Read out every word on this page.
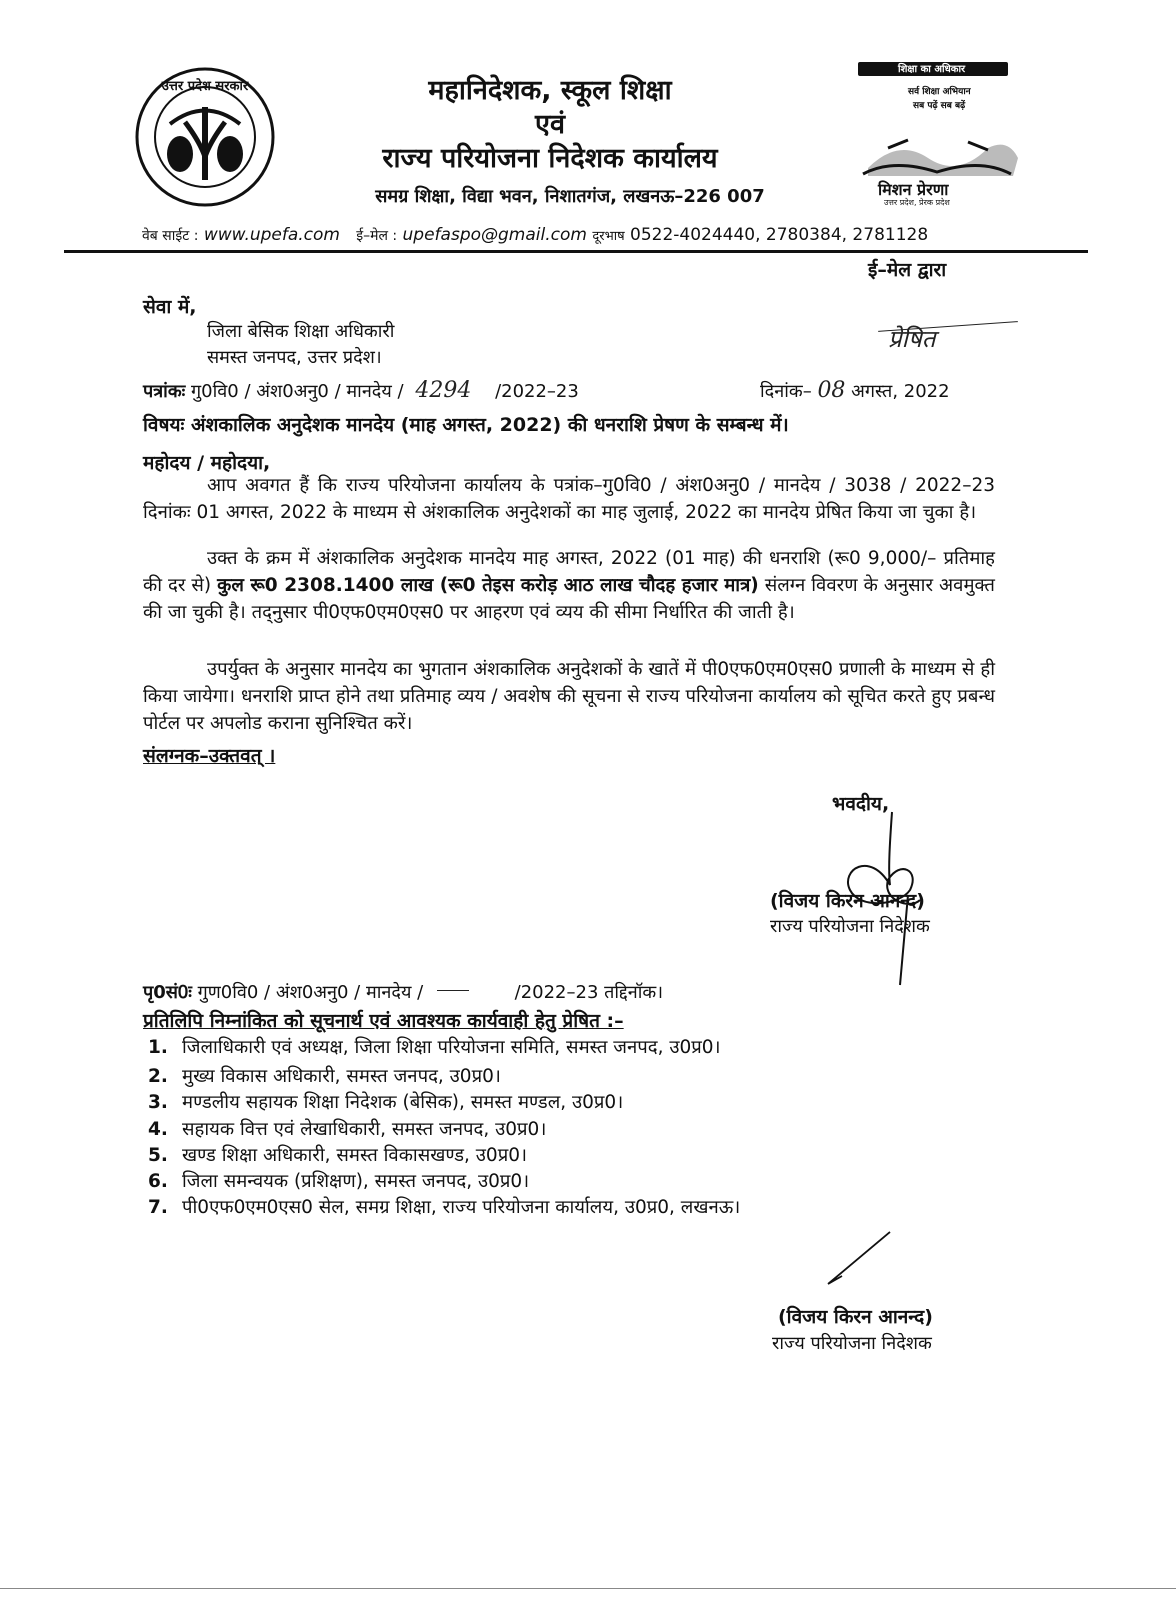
उत्तर प्रदेश सरकार	महानिदेशक, स्कूल शिक्षा
एवं
राज्य परियोजना निदेशक कार्यालय
समग्र शिक्षा, विद्या भवन, निशातगंज, लखनऊ–226 007
शिक्षा का अधिकार
सर्व शिक्षा अभियान
सब पढ़ें सब बढ़ें
मिशन प्रेरणा
उत्तर प्रदेश, प्रेरक प्रदेश
वेब साईट : www.upefa.com ई–मेल : upefaspo@gmail.com दूरभाष 0522-4024440, 2780384, 2781128
ई–मेल द्वारा
सेवा में,
जिला बेसिक शिक्षा अधिकारी
समस्त जनपद, उत्तर प्रदेश।
प्रेषित
पत्रांकः गु0वि0 / अंश0अनु0 / मानदेय / 4294 /2022–23	दिनांक– 08 अगस्त, 2022
विषयः अंशकालिक अनुदेशक मानदेय (माह अगस्त, 2022) की धनराशि प्रेषण के सम्बन्ध में।
महोदय / महोदया,
आप अवगत हैं कि राज्य परियोजना कार्यालय के पत्रांक–गु0वि0 / अंश0अनु0 / मानदेय / 3038 / 2022–23 दिनांकः 01 अगस्त, 2022 के माध्यम से अंशकालिक अनुदेशकों का माह जुलाई, 2022 का मानदेय प्रेषित किया जा चुका है।
उक्त के क्रम में अंशकालिक अनुदेशक मानदेय माह अगस्त, 2022 (01 माह) की धनराशि (रू0 9,000/– प्रतिमाह की दर से) कुल रू0 2308.1400 लाख (रू0 तेइस करोड़ आठ लाख चौदह हजार मात्र) संलग्न विवरण के अनुसार अवमुक्त की जा चुकी है। तद्नुसार पी0एफ0एम0एस0 पर आहरण एवं व्यय की सीमा निर्धारित की जाती है।
उपर्युक्त के अनुसार मानदेय का भुगतान अंशकालिक अनुदेशकों के खातें में पी0एफ0एम0एस0 प्रणाली के माध्यम से ही किया जायेगा। धनराशि प्राप्त होने तथा प्रतिमाह व्यय / अवशेष की सूचना से राज्य परियोजना कार्यालय को सूचित करते हुए प्रबन्ध पोर्टल पर अपलोड कराना सुनिश्चित करें।
संलग्नक–उक्तवत् ।
भवदीय,
(विजय किरन आनन्द)
राज्य परियोजना निदेशक
पृ0सं0ः गुण0वि0 / अंश0अनु0 / मानदेय /	/2022–23 तद्दिनॉक।
प्रतिलिपि निम्नांकित को सूचनार्थ एवं आवश्यक कार्यवाही हेतु प्रेषित :–
1. जिलाधिकारी एवं अध्यक्ष, जिला शिक्षा परियोजना समिति, समस्त जनपद, उ0प्र0।
2. मुख्य विकास अधिकारी, समस्त जनपद, उ0प्र0।
3. मण्डलीय सहायक शिक्षा निदेशक (बेसिक), समस्त मण्डल, उ0प्र0।
4. सहायक वित्त एवं लेखाधिकारी, समस्त जनपद, उ0प्र0।
5. खण्ड शिक्षा अधिकारी, समस्त विकासखण्ड, उ0प्र0।
6. जिला समन्वयक (प्रशिक्षण), समस्त जनपद, उ0प्र0।
7. पी0एफ0एम0एस0 सेल, समग्र शिक्षा, राज्य परियोजना कार्यालय, उ0प्र0, लखनऊ।
(विजय किरन आनन्द)
राज्य परियोजना निदेशक
